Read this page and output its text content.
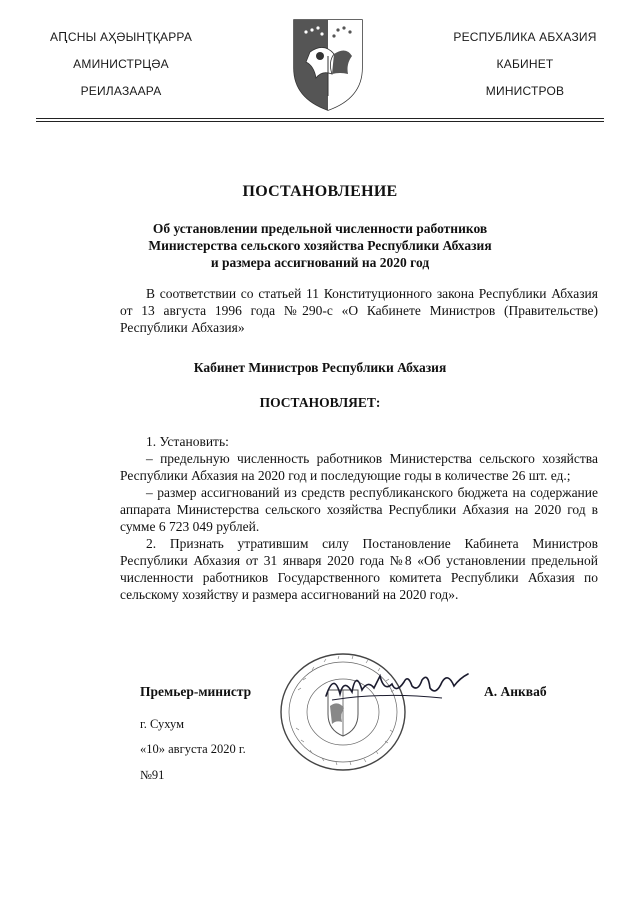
АԤСНЫ АҲӘЫНҬҚАРРА
АМИНИСТРЦӘА
РЕИЛАЗААРА
РЕСПУБЛИКА АБХАЗИЯ
КАБИНЕТ
МИНИСТРОВ
ПОСТАНОВЛЕНИЕ
Об установлении предельной численности работников
Министерства сельского хозяйства Республики Абхазия
и размера ассигнований на 2020 год

В соответствии со статьей 11 Конституционного закона Республики Абхазия от 13 августа 1996 года №290-с «О Кабинете Министров (Правительстве) Республики Абхазия»

Кабинет Министров Республики Абхазия
ПОСТАНОВЛЯЕТ:

1. Установить:

– предельную численность работников Министерства сельского хозяйства Республики Абхазия на 2020 год и последующие годы в количестве 26 шт. ед.;

– размер ассигнований из средств республиканского бюджета на содержание аппарата Министерства сельского хозяйства Республики Абхазия на 2020 год в сумме 6 723 049 рублей.

2. Признать утратившим силу Постановление Кабинета Министров Республики Абхазия от 31 января 2020 года №8 «Об установлении предельной численности работников Государственного комитета Республики Абхазия по сельскому хозяйству и размера ассигнований на 2020 год».

Премьер-министр	А. Анкваб
г. Сухум
«10» августа 2020 г.
№91
